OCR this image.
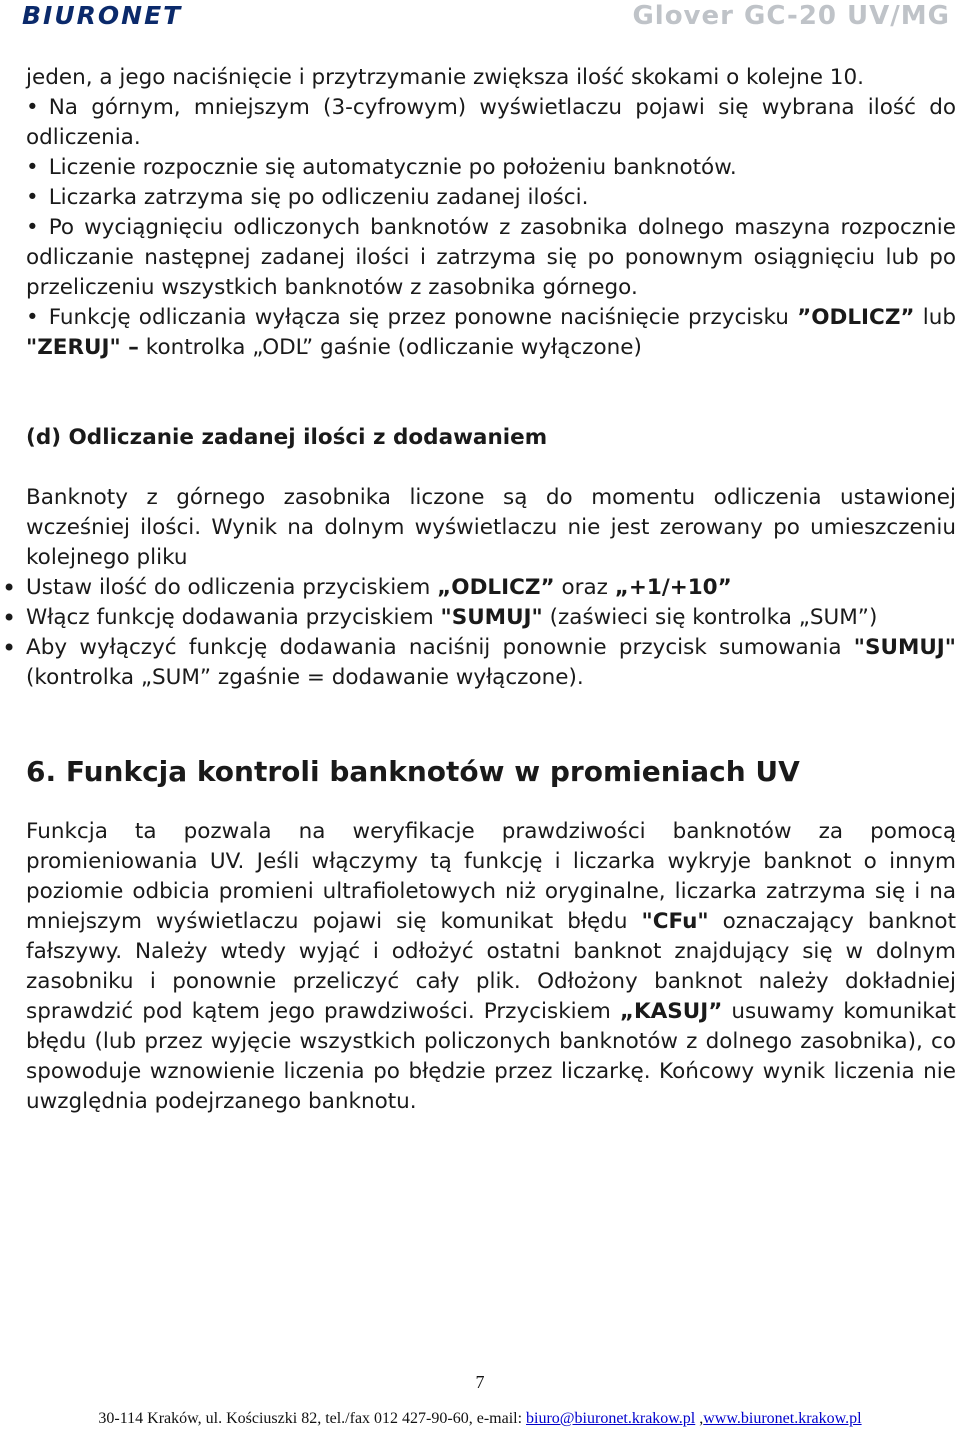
BIURONET	Glover GC-20 UV/MG

jeden, a jego naciśnięcie i przytrzymanie zwiększa ilość skokami o kolejne 10.

• Na górnym, mniejszym (3-cyfrowym) wyświetlaczu pojawi się wybrana ilość do odliczenia.

• Liczenie rozpocznie się automatycznie po położeniu banknotów.

• Liczarka zatrzyma się po odliczeniu zadanej ilości.

• Po wyciągnięciu odliczonych banknotów z zasobnika dolnego maszyna rozpocznie odliczanie następnej zadanej ilości i zatrzyma się po ponownym osiągnięciu lub po przeliczeniu wszystkich banknotów z zasobnika górnego.

• Funkcję odliczania wyłącza się przez ponowne naciśnięcie przycisku ”ODLICZ” lub "ZERUJ" – kontrolka „ODL” gaśnie (odliczanie wyłączone)

(d) Odliczanie zadanej ilości z dodawaniem

Banknoty z górnego zasobnika liczone są do momentu odliczenia ustawionej wcześniej ilości. Wynik na dolnym wyświetlaczu nie jest zerowany po umieszczeniu kolejnego pliku

• Ustaw ilość do odliczenia przyciskiem „ODLICZ” oraz „+1/+10”
• Włącz funkcję dodawania przyciskiem "SUMUJ" (zaświeci się kontrolka „SUM”)
• Aby wyłączyć funkcję dodawania naciśnij ponownie przycisk sumowania "SUMUJ" (kontrolka „SUM” zgaśnie = dodawanie wyłączone).

6. Funkcja kontroli banknotów w promieniach UV

Funkcja ta pozwala na weryfikacje prawdziwości banknotów za pomocą promieniowania UV. Jeśli włączymy tą funkcję i liczarka wykryje banknot o innym poziomie odbicia promieni ultrafioletowych niż oryginalne, liczarka zatrzyma się i na mniejszym wyświetlaczu pojawi się komunikat błędu "CFu" oznaczający banknot fałszywy. Należy wtedy wyjąć i odłożyć ostatni banknot znajdujący się w dolnym zasobniku i ponownie przeliczyć cały plik. Odłożony banknot należy dokładniej sprawdzić pod kątem jego prawdziwości. Przyciskiem „KASUJ” usuwamy komunikat błędu (lub przez wyjęcie wszystkich policzonych banknotów z dolnego zasobnika), co spowoduje wznowienie liczenia po błędzie przez liczarkę. Końcowy wynik liczenia nie uwzględnia podejrzanego banknotu.

7
30-114 Kraków, ul. Kościuszki 82, tel./fax 012 427-90-60, e-mail: biuro@biuronet.krakow.pl ,www.biuronet.krakow.pl
